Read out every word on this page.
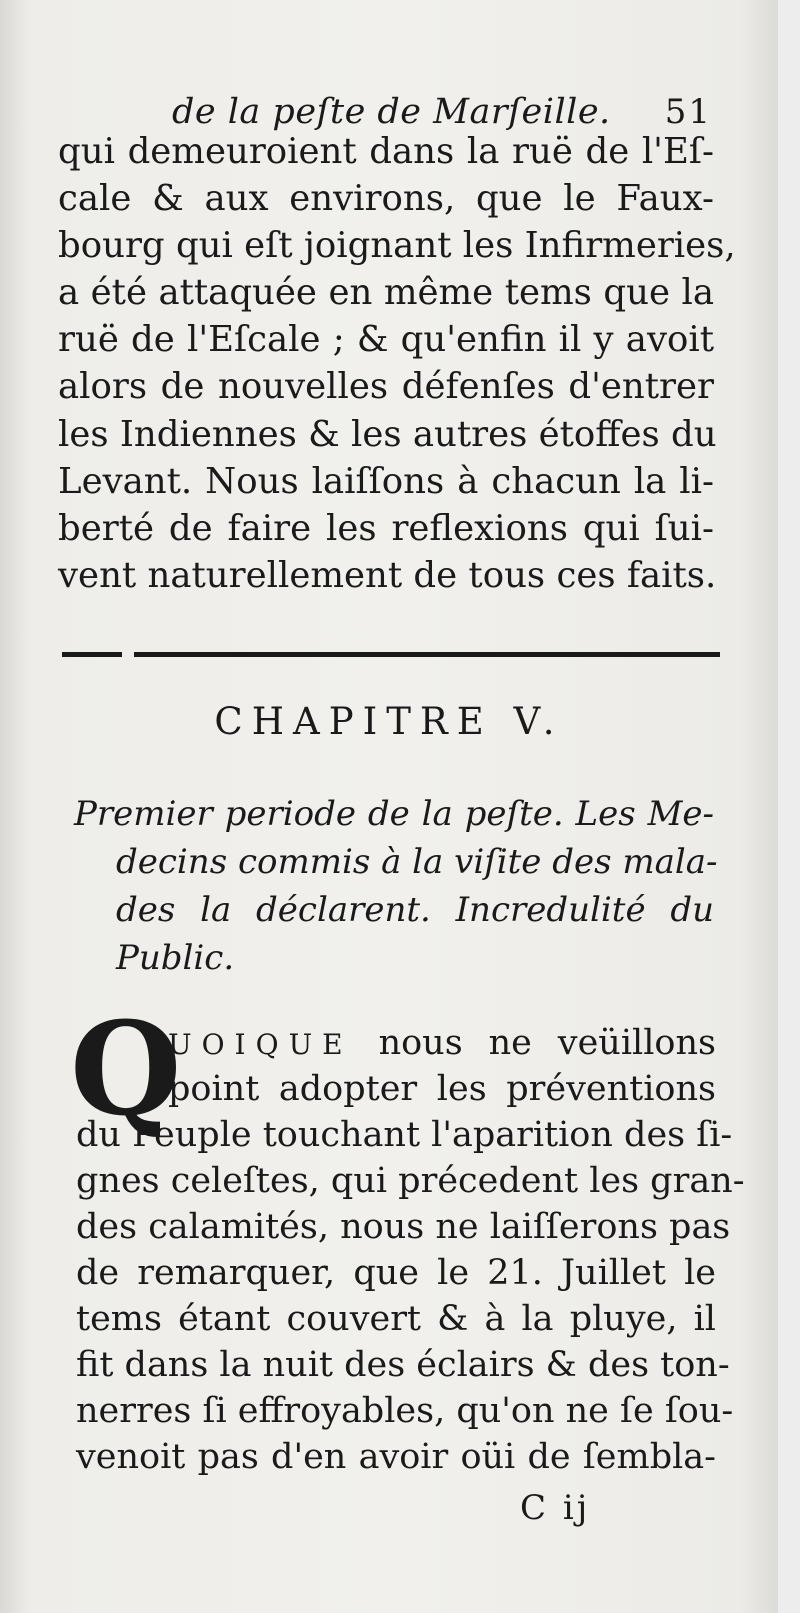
de la peſte de Marſeille. 51
qui demeuroient dans la ruë de l'Eſ-
cale & aux environs, que le Faux-
bourg qui eſt joignant les Infirmeries,
a été attaquée en même tems que la
ruë de l'Eſcale ; & qu'enfin il y avoit
alors de nouvelles défenſes d'entrer
les Indiennes & les autres étoffes du
Levant. Nous laiſſons à chacun la li-
berté de faire les reflexions qui ſui-
vent naturellement de tous ces faits.
CHAPITRE V.
Premier periode de la peſte. Les Me-
decins commis à la viſite des mala-
des la déclarent. Incredulité du
Public.
Q
UOIQUE nous ne veüillons
point adopter les préventions
du Peuple touchant l'aparition des ſi-
gnes celeſtes, qui précedent les gran-
des calamités, nous ne laiſſerons pas
de remarquer, que le 21. Juillet le
tems étant couvert & à la pluye, il
fit dans la nuit des éclairs & des ton-
nerres ſi effroyables, qu'on ne ſe ſou-
venoit pas d'en avoir oüi de ſembla-
C ij
